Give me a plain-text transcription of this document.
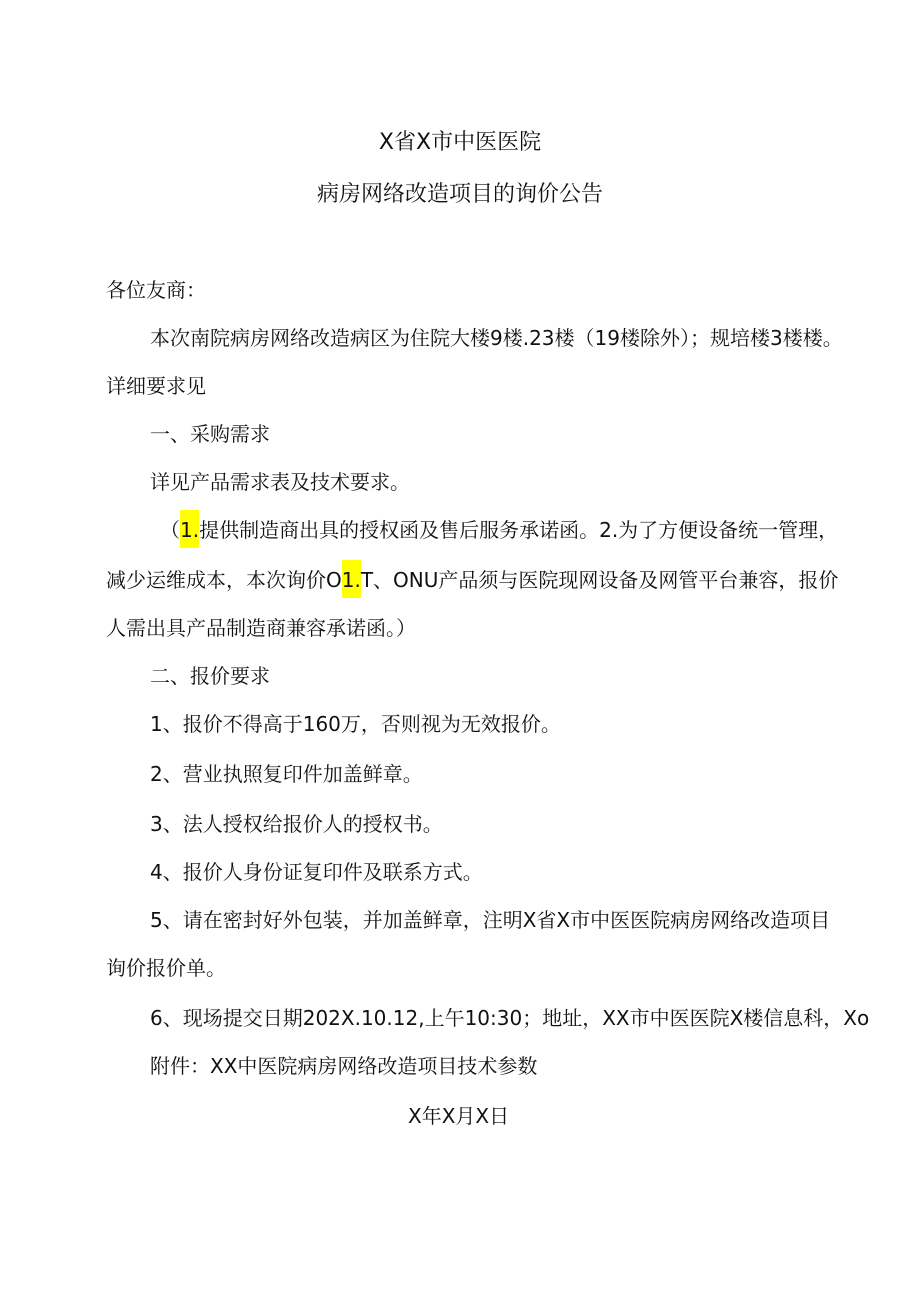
X省X市中医医院
病房网络改造项目的询价公告
各位友商：
本次南院病房网络改造病区为住院大楼9楼.23楼（19楼除外）；规培楼3楼楼。
详细要求见
一、采购需求
详见产品需求表及技术要求。
（1.提供制造商出具的授权函及售后服务承诺函。2.为了方便设备统一管理，
减少运维成本，本次询价O1.T、ONU产品须与医院现网设备及网管平台兼容，报价
人需出具产品制造商兼容承诺函。）
二、报价要求
1、报价不得高于160万，否则视为无效报价。
2、营业执照复印件加盖鲜章。
3、法人授权给报价人的授权书。
4、报价人身份证复印件及联系方式。
5、请在密封好外包装，并加盖鲜章，注明X省X市中医医院病房网络改造项目
询价报价单。
6、现场提交日期202X.10.12,上午10:30；地址，XX市中医医院X楼信息科，Xo
附件：XX中医院病房网络改造项目技术参数
X年X月X日
